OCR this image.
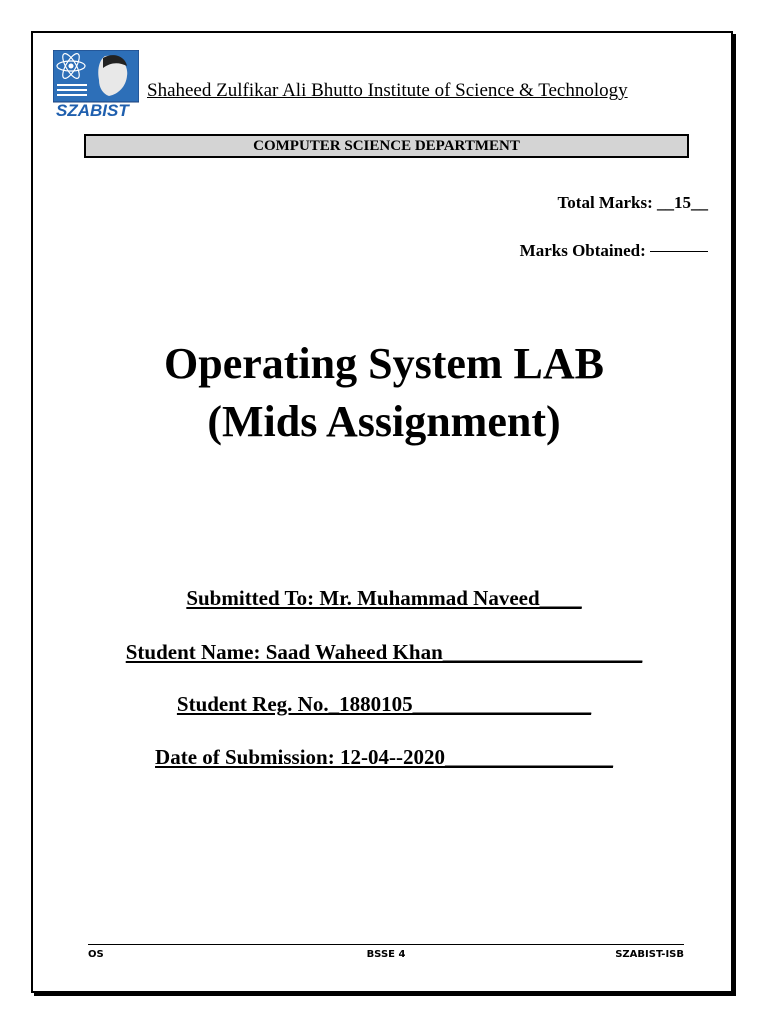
SZABIST
Shaheed Zulfikar Ali Bhutto Institute of Science & Technology
COMPUTER SCIENCE DEPARTMENT
Total Marks: __15__
Marks Obtained:
Operating System LAB
(Mids Assignment)
Submitted To: Mr. Muhammad Naveed____
Student Name: Saad Waheed Khan___________________
Student Reg. No._1880105_________________
Date of Submission: 12-04--2020________________
OS	BSSE 4	SZABIST-ISB
